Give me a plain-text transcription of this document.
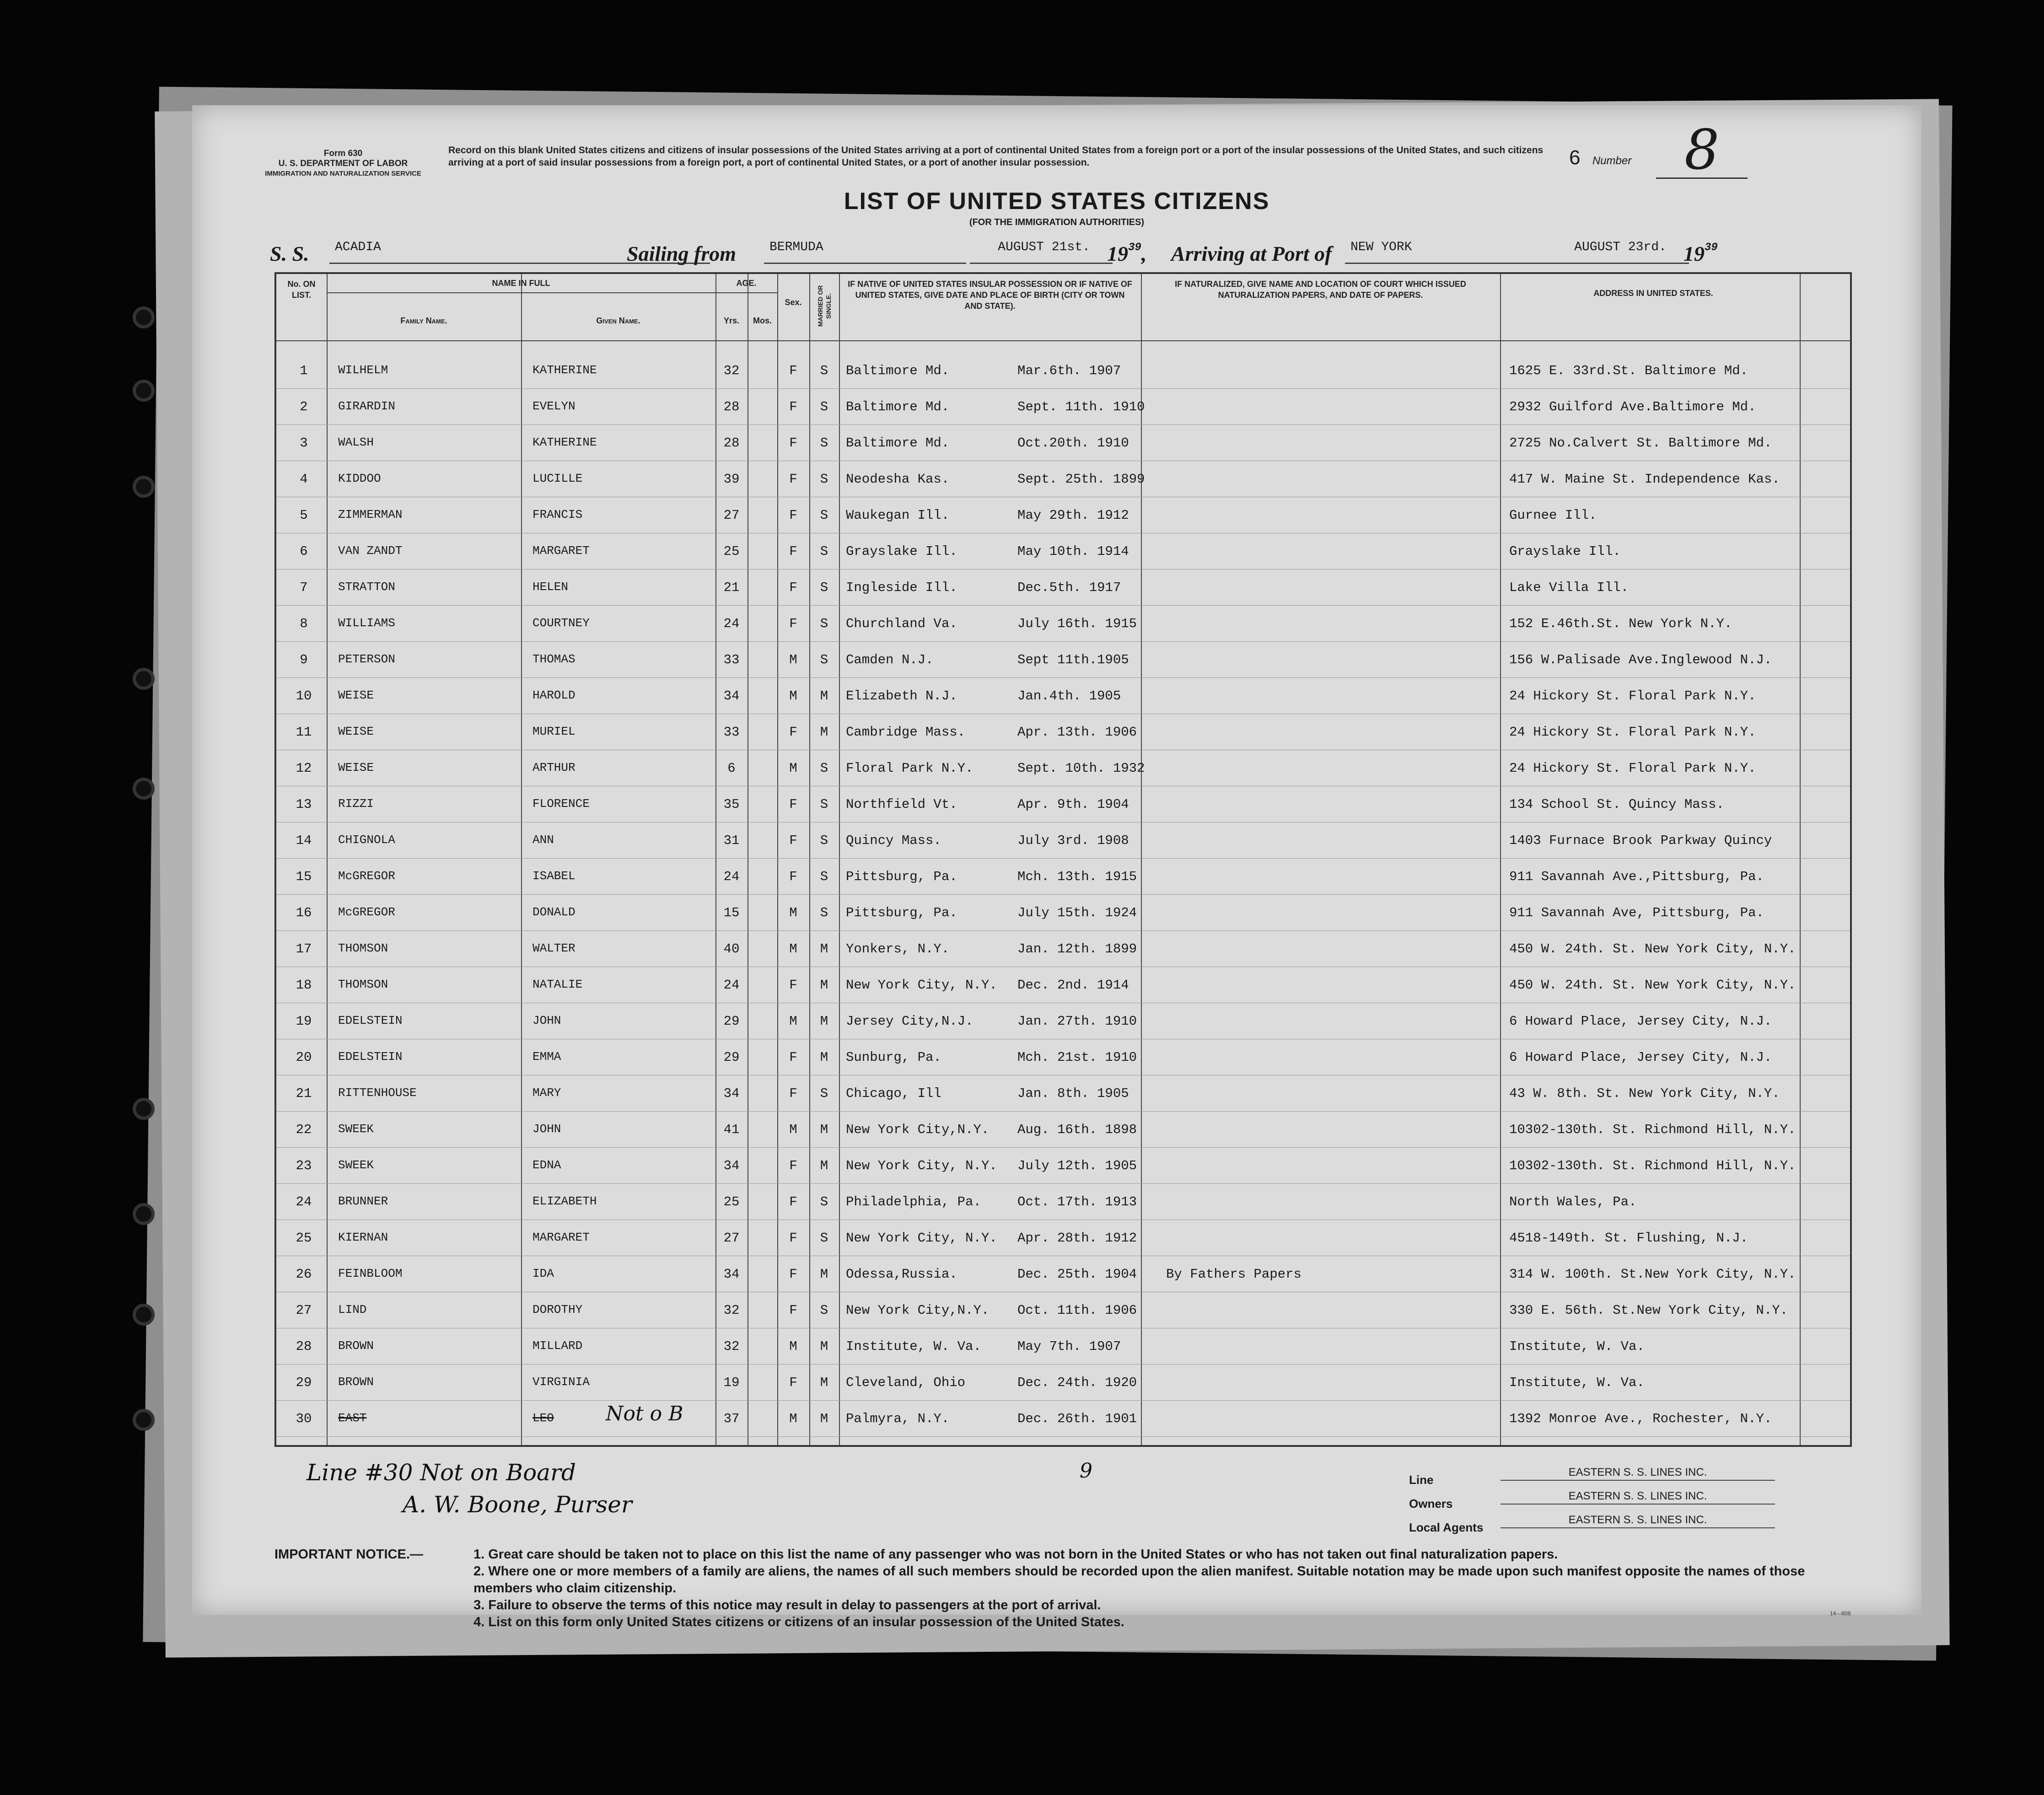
Form 630
U. S. DEPARTMENT OF LABOR
IMMIGRATION AND NATURALIZATION SERVICE
Record on this blank United States citizens and citizens of insular possessions of the United States arriving at a port of continental United States from a foreign port or a port of the insular possessions of the United States, and such citizens arriving at a port of said insular possessions from a foreign port, a port of continental United States, or a port of another insular possession.	6 Number 8
LIST OF UNITED STATES CITIZENS
(FOR THE IMMIGRATION AUTHORITIES)
S. S.	ACADIA	Sailing from	BERMUDA	AUGUST 21st. $19^{39}$, Arriving at Port of	NEW YORK	AUGUST 23rd. $19^{39}$
No. ON LIST.
NAME IN FULL
Family Name.	Given Name.
AGE.
Yrs.	Mos.
Sex.	MARRIED OR SINGLE.
IF NATIVE OF UNITED STATES INSULAR POSSESSION OR IF NATIVE OF UNITED STATES, GIVE DATE AND PLACE OF BIRTH (CITY OR TOWN AND STATE).
IF NATURALIZED, GIVE NAME AND LOCATION OF COURT WHICH ISSUED NATURALIZATION PAPERS, AND DATE OF PAPERS.	ADDRESS IN UNITED STATES.
1	WILHELM	KATHERINE	32	F	S	Baltimore Md.	Mar.6th. 1907	1625 E. 33rd.St. Baltimore Md.
2	GIRARDIN	EVELYN	28	F	S	Baltimore Md.	Sept. 11th. 1910	2932 Guilford Ave.Baltimore Md.
3	WALSH	KATHERINE	28	F	S	Baltimore Md.	Oct.20th. 1910	2725 No.Calvert St. Baltimore Md.
4	KIDDOO	LUCILLE	39	F	S	Neodesha Kas.	Sept. 25th. 1899	417 W. Maine St. Independence Kas.
5	ZIMMERMAN	FRANCIS	27	F	S	Waukegan Ill.	May 29th. 1912	Gurnee Ill.
6	VAN ZANDT	MARGARET	25	F	S	Grayslake Ill.	May 10th. 1914	Grayslake Ill.
7	STRATTON	HELEN	21	F	S	Ingleside Ill.	Dec.5th. 1917	Lake Villa Ill.
8	WILLIAMS	COURTNEY	24	F	S	Churchland Va.	July 16th. 1915	152 E.46th.St. New York N.Y.
9	PETERSON	THOMAS	33	M	S	Camden N.J.	Sept 11th.1905	156 W.Palisade Ave.Inglewood N.J.
10	WEISE	HAROLD	34	M	M	Elizabeth N.J.	Jan.4th. 1905	24 Hickory St. Floral Park N.Y.
11	WEISE	MURIEL	33	F	M	Cambridge Mass.	Apr. 13th. 1906	24 Hickory St. Floral Park N.Y.
12	WEISE	ARTHUR	6	M	S	Floral Park N.Y.	Sept. 10th. 1932	24 Hickory St. Floral Park N.Y.
13	RIZZI	FLORENCE	35	F	S	Northfield Vt.	Apr. 9th. 1904	134 School St. Quincy Mass.
14	CHIGNOLA	ANN	31	F	S	Quincy Mass.	July 3rd. 1908	1403 Furnace Brook Parkway Quincy
15	McGREGOR	ISABEL	24	F	S	Pittsburg, Pa.	Mch. 13th. 1915	911 Savannah Ave.,Pittsburg, Pa.
16	McGREGOR	DONALD	15	M	S	Pittsburg, Pa.	July 15th. 1924	911 Savannah Ave, Pittsburg, Pa.
17	THOMSON	WALTER	40	M	M	Yonkers, N.Y.	Jan. 12th. 1899	450 W. 24th. St. New York City, N.Y.
18	THOMSON	NATALIE	24	F	M	New York City, N.Y.	Dec. 2nd. 1914	450 W. 24th. St. New York City, N.Y.
19	EDELSTEIN	JOHN	29	M	M	Jersey City,N.J.	Jan. 27th. 1910	6 Howard Place, Jersey City, N.J.
20	EDELSTEIN	EMMA	29	F	M	Sunburg, Pa.	Mch. 21st. 1910	6 Howard Place, Jersey City, N.J.
21	RITTENHOUSE	MARY	34	F	S	Chicago, Ill	Jan. 8th. 1905	43 W. 8th. St. New York City, N.Y.
22	SWEEK	JOHN	41	M	M	New York City,N.Y.	Aug. 16th. 1898	10302-130th. St. Richmond Hill, N.Y.
23	SWEEK	EDNA	34	F	M	New York City, N.Y.	July 12th. 1905	10302-130th. St. Richmond Hill, N.Y.
24	BRUNNER	ELIZABETH	25	F	S	Philadelphia, Pa.	Oct. 17th. 1913	North Wales, Pa.
25	KIERNAN	MARGARET	27	F	S	New York City, N.Y.	Apr. 28th. 1912	4518-149th. St. Flushing, N.J.
26	FEINBLOOM	IDA	34	F	M	Odessa,Russia.	Dec. 25th. 1904	By Fathers Papers	314 W. 100th. St.New York City, N.Y.
27	LIND	DOROTHY	32	F	S	New York City,N.Y.	Oct. 11th. 1906	330 E. 56th. St.New York City, N.Y.
28	BROWN	MILLARD	32	M	M	Institute, W. Va.	May 7th. 1907	Institute, W. Va.
29	BROWN	VIRGINIA	19	F	M	Cleveland, Ohio	Dec. 24th. 1920	Institute, W. Va.
30	EAST	LEO	37	M	M	Palmyra, N.Y.	Dec. 26th. 1901	1392 Monroe Ave., Rochester, N.Y.
Not o B
Line #30 Not on Board
A. W. Boone, Purser
9	Line
EASTERN S. S. LINES INC.
Owners
EASTERN S. S. LINES INC.
Local Agents
EASTERN S. S. LINES INC.
IMPORTANT NOTICE.—	1. Great care should be taken not to place on this list the name of any passenger who was not born in the United States or who has not taken out final naturalization papers.
2. Where one or more members of a family are aliens, the names of all such members should be recorded upon the alien manifest. Suitable notation may be made upon such manifest opposite the names of those members who claim citizenship.
3. Failure to observe the terms of this notice may result in delay to passengers at the port of arrival.
4. List on this form only United States citizens or citizens of an insular possession of the United States.
14—608
